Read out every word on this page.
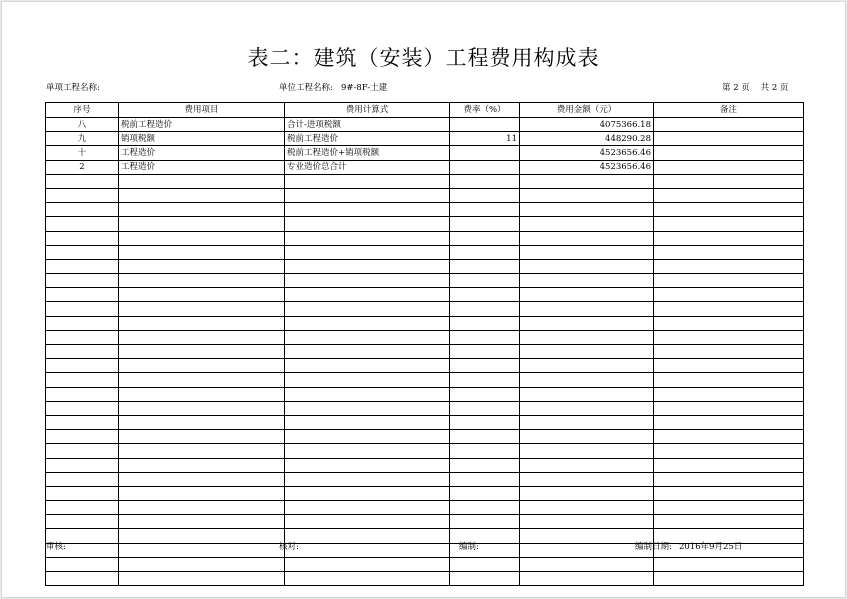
表二：建筑（安装）工程费用构成表
单项工程名称:	单位工程名称: 9#-8F-土建	第 2 页    共 2 页
序号	费用项目	费用计算式	费率（%）	费用金额（元）	备注
八	税前工程造价	合计-进项税额		4075366.18	
九	销项税额	税前工程造价	11	448290.28	
十	工程造价	税前工程造价+销项税额		4523656.46	
2	工程造价	专业造价总合计		4523656.46	

审核:	核对:	编制:	编制日期: 2016年9月25日
